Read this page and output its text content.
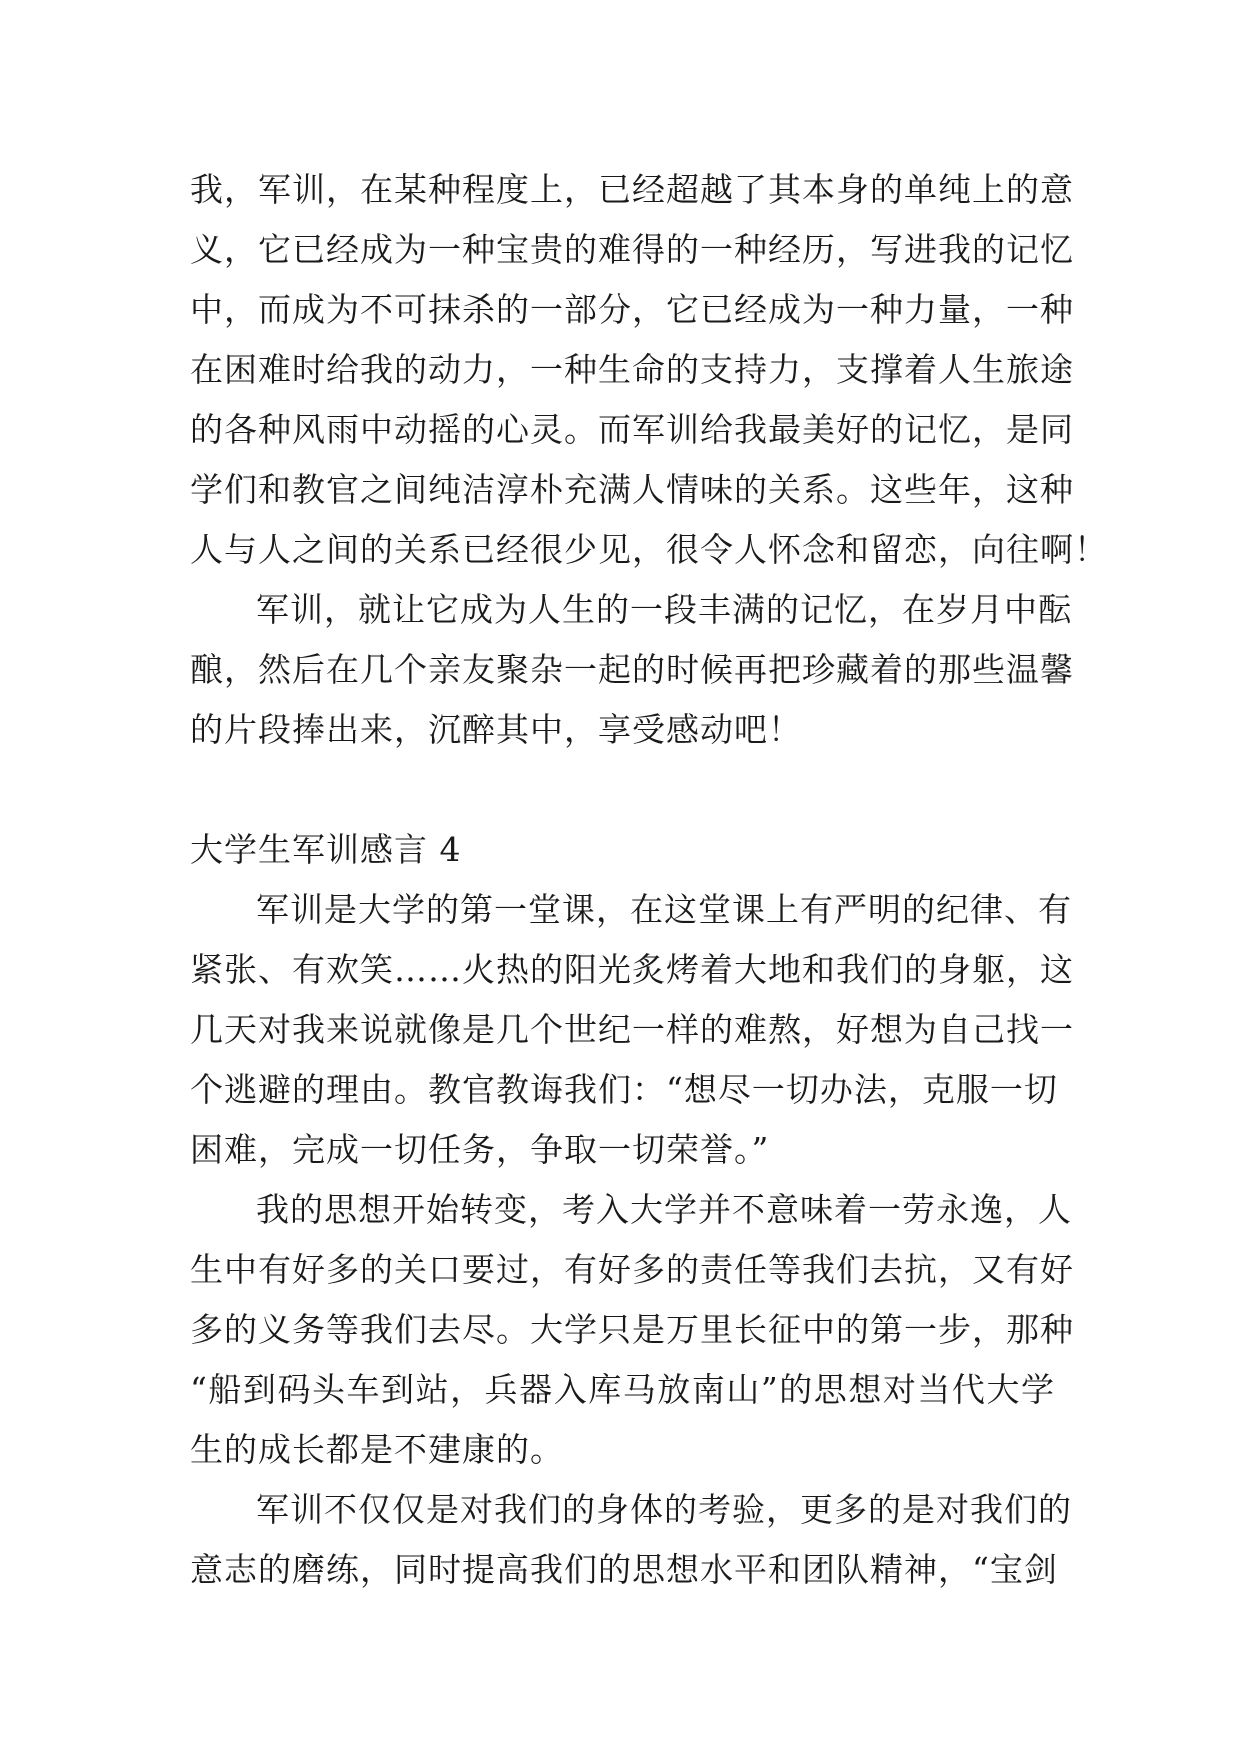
我，军训，在某种程度上，已经超越了其本身的单纯上的意
义，它已经成为一种宝贵的难得的一种经历，写进我的记忆
中，而成为不可抹杀的一部分，它已经成为一种力量，一种
在困难时给我的动力，一种生命的支持力，支撑着人生旅途
的各种风雨中动摇的心灵。而军训给我最美好的记忆，是同
学们和教官之间纯洁淳朴充满人情味的关系。这些年，这种
人与人之间的关系已经很少见，很令人怀念和留恋，向往啊！
军训，就让它成为人生的一段丰满的记忆，在岁月中酝
酿，然后在几个亲友聚杂一起的时候再把珍藏着的那些温馨
的片段捧出来，沉醉其中，享受感动吧！
大学生军训感言 4
军训是大学的第一堂课，在这堂课上有严明的纪律、有
紧张、有欢笑……火热的阳光炙烤着大地和我们的身躯，这
几天对我来说就像是几个世纪一样的难熬，好想为自己找一
个逃避的理由。教官教诲我们：“想尽一切办法，克服一切
困难，完成一切任务，争取一切荣誉。”
我的思想开始转变，考入大学并不意味着一劳永逸，人
生中有好多的关口要过，有好多的责任等我们去抗，又有好
多的义务等我们去尽。大学只是万里长征中的第一步，那种
“船到码头车到站，兵器入库马放南山”的思想对当代大学
生的成长都是不建康的。
军训不仅仅是对我们的身体的考验，更多的是对我们的
意志的磨练，同时提高我们的思想水平和团队精神，“宝剑
